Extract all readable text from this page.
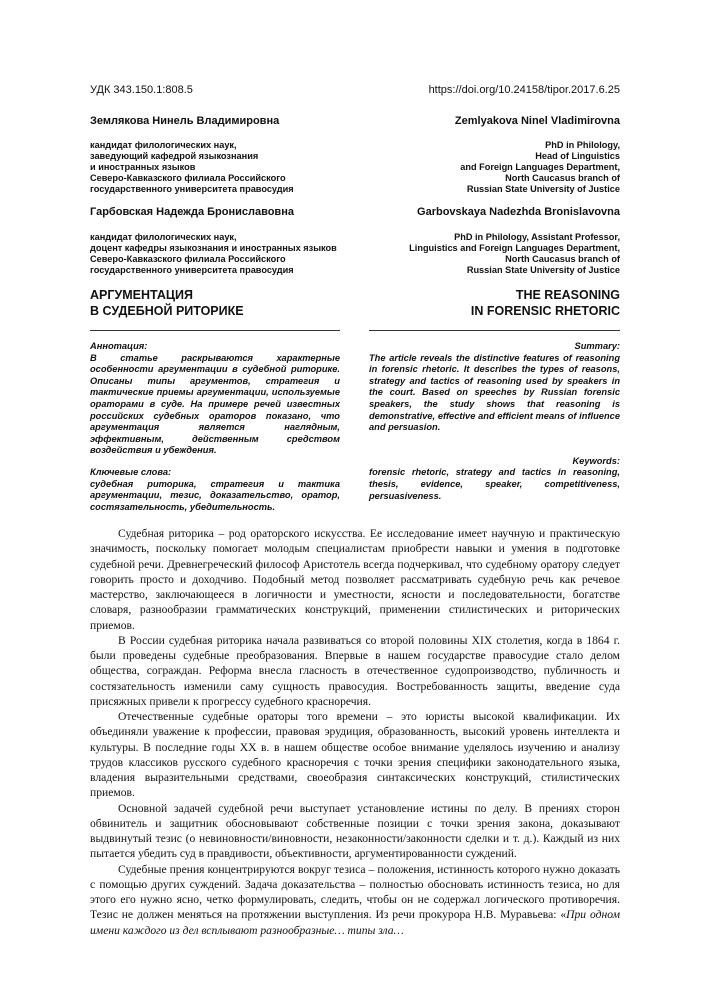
УДК 343.150.1:808.5	https://doi.org/10.24158/tipor.2017.6.25
Землякова Нинель Владимировна	Zemlyakova Ninel Vladimirovna
кандидат филологических наук,
заведующий кафедрой языкознания
и иностранных языков
Северо-Кавказского филиала Российского
государственного университета правосудия
PhD in Philology,
Head of Linguistics
and Foreign Languages Department,
North Caucasus branch of
Russian State University of Justice
Гарбовская Надежда Брониславовна	Garbovskaya Nadezhda Bronislavovna
кандидат филологических наук,
доцент кафедры языкознания и иностранных языков
Северо-Кавказского филиала Российского
государственного университета правосудия
PhD in Philology, Assistant Professor,
Linguistics and Foreign Languages Department,
North Caucasus branch of
Russian State University of Justice
АРГУМЕНТАЦИЯ
В СУДЕБНОЙ РИТОРИКЕ
THE REASONING
IN FORENSIC RHETORIC
Аннотация:
В статье раскрываются характерные особенности аргументации в судебной риторике. Описаны типы аргументов, стратегия и тактические приемы аргументации, используемые ораторами в суде. На примере речей известных российских судебных ораторов показано, что аргументация является наглядным, эффективным, действенным средством воздействия и убеждения.
Ключевые слова:
судебная риторика, стратегия и тактика аргументации, тезис, доказательство, оратор, состязательность, убедительность.
Summary:
The article reveals the distinctive features of reasoning in forensic rhetoric. It describes the types of reasons, strategy and tactics of reasoning used by speakers in the court. Based on speeches by Russian forensic speakers, the study shows that reasoning is demonstrative, effective and efficient means of influence and persuasion.
Keywords:
forensic rhetoric, strategy and tactics in reasoning, thesis, evidence, speaker, competitiveness, persuasiveness.

Судебная риторика – род ораторского искусства. Ее исследование имеет научную и практическую значимость, поскольку помогает молодым специалистам приобрести навыки и умения в подготовке судебной речи. Древнегреческий философ Аристотель всегда подчеркивал, что судебному оратору следует говорить просто и доходчиво. Подобный метод позволяет рассматривать судебную речь как речевое мастерство, заключающееся в логичности и уместности, ясности и последовательности, богатстве словаря, разнообразии грамматических конструкций, применении стилистических и риторических приемов.

В России судебная риторика начала развиваться со второй половины XIX столетия, когда в 1864 г. были проведены судебные преобразования. Впервые в нашем государстве правосудие стало делом общества, сограждан. Реформа внесла гласность в отечественное судопроизводство, публичность и состязательность изменили саму сущность правосудия. Востребованность защиты, введение суда присяжных привели к прогрессу судебного красноречия.

Отечественные судебные ораторы того времени – это юристы высокой квалификации. Их объединяли уважение к профессии, правовая эрудиция, образованность, высокий уровень интеллекта и культуры. В последние годы XX в. в нашем обществе особое внимание уделялось изучению и анализу трудов классиков русского судебного красноречия с точки зрения специфики законодательного языка, владения выразительными средствами, своеобразия синтаксических конструкций, стилистических приемов.

Основной задачей судебной речи выступает установление истины по делу. В прениях сторон обвинитель и защитник обосновывают собственные позиции с точки зрения закона, доказывают выдвинутый тезис (о невиновности/виновности, незаконности/законности сделки и т. д.). Каждый из них пытается убедить суд в правдивости, объективности, аргументированности суждений.

Судебные прения концентрируются вокруг тезиса – положения, истинность которого нужно доказать с помощью других суждений. Задача доказательства – полностью обосновать истинность тезиса, но для этого его нужно ясно, четко формулировать, следить, чтобы он не содержал логического противоречия. Тезис не должен меняться на протяжении выступления. Из речи прокурора Н.В. Муравьева: «При одном имени каждого из дел всплывают разнообразные… типы зла…
